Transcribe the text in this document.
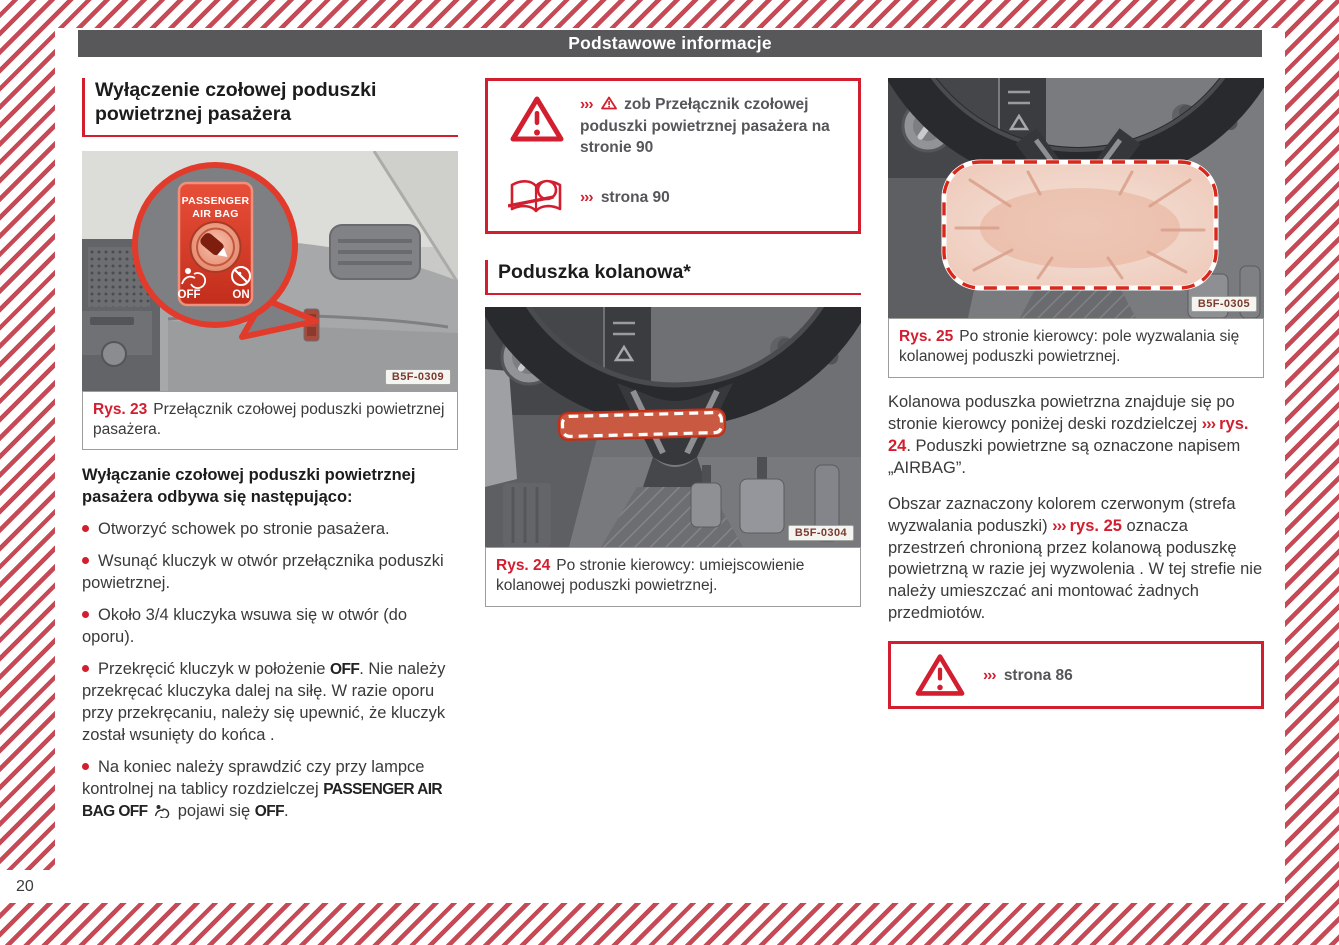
Podstawowe informacje
Wyłączenie czołowej poduszki powietrznej pasażera
PASSENGER
AIR BAG
OFF	ON
B5F-0309
Rys. 23 Przełącznik czołowej poduszki powietrznej pasażera.

Wyłączanie czołowej poduszki powietrznej pasażera odbywa się następująco:

Otworzyć schowek po stronie pasażera.
Wsunąć kluczyk w otwór przełącznika poduszki powietrznej.
Około 3/4 kluczyka wsuwa się w otwór (do oporu).
Przekręcić kluczyk w położenie OFF. Nie należy przekręcać kluczyka dalej na siłę. W razie oporu przy przekręcaniu, należy się upewnić, że kluczyk został wsunięty do końca .
Na koniec należy sprawdzić czy przy lampce kontrolnej na tablicy rozdzielczej PASSENGER AIR BAG OFF  pojawi się OFF.
››› zob Przełącznik czołowej poduszki powietrznej pasażera na stronie 90
››› strona 90
Poduszka kolanowa*
B5F-0304
Rys. 24 Po stronie kierowcy: umiejscowienie kolanowej poduszki powietrznej.
B5F-0305
Rys. 25 Po stronie kierowcy: pole wyzwalania się kolanowej poduszki powietrznej.

Kolanowa poduszka powietrzna znajduje się po stronie kierowcy poniżej deski rozdzielczej ››› rys. 24. Poduszki powietrzne są oznaczone napisem „AIRBAG”.

Obszar zaznaczony kolorem czerwonym (strefa wyzwalania poduszki) ››› rys. 25 oznacza przestrzeń chronioną przez kolanową poduszkę powietrzną w razie jej wyzwolenia . W tej strefie nie należy umieszczać ani montować żadnych przedmiotów.

››› strona 86
20
